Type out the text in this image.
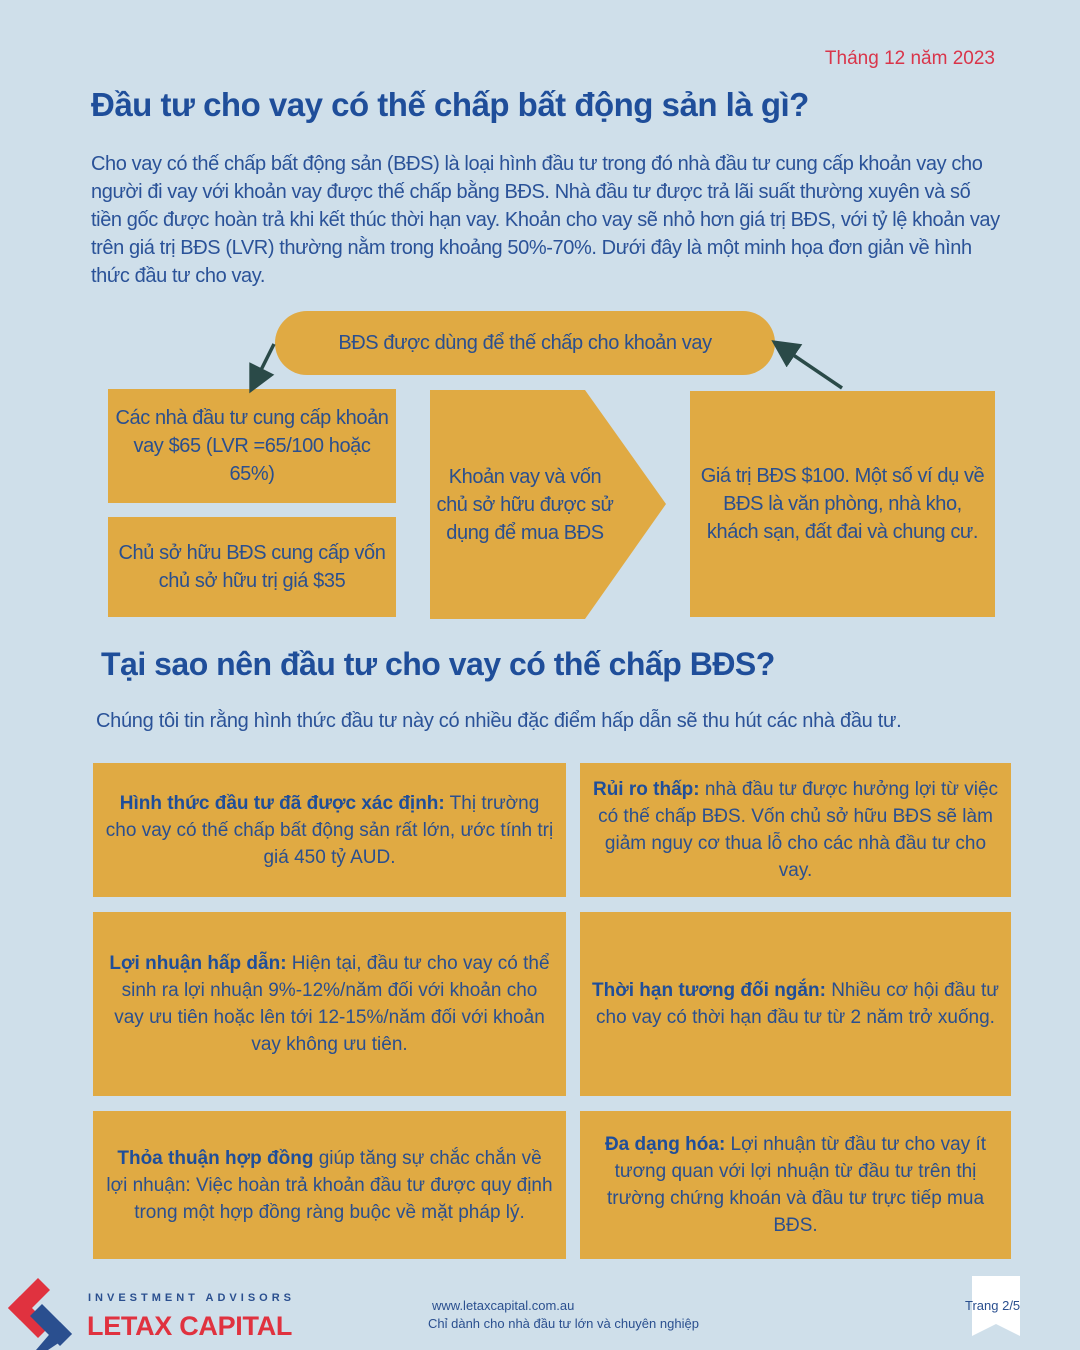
Tháng 12 năm 2023
Đầu tư cho vay có thế chấp bất động sản là gì?

Cho vay có thế chấp bất động sản (BĐS) là loại hình đầu tư trong đó nhà đầu tư cung cấp khoản vay cho người đi vay với khoản vay được thế chấp bằng BĐS. Nhà đầu tư được trả lãi suất thường xuyên và số tiền gốc được hoàn trả khi kết thúc thời hạn vay. Khoản cho vay sẽ nhỏ hơn giá trị BĐS, với tỷ lệ khoản vay trên giá trị BĐS (LVR) thường nằm trong khoảng 50%-70%. Dưới đây là một minh họa đơn giản về hình thức đầu tư cho vay.

BĐS được dùng để thế chấp cho khoản vay
Các nhà đầu tư cung cấp khoản vay $65 (LVR =65/100 hoặc 65%)
Chủ sở hữu BĐS cung cấp vốn chủ sở hữu trị giá $35
Khoản vay và vốn chủ sở hữu được sử dụng để mua BĐS
Giá trị BĐS $100. Một số ví dụ về BĐS là văn phòng, nhà kho, khách sạn, đất đai và chung cư.
Tại sao nên đầu tư cho vay có thế chấp BĐS?

Chúng tôi tin rằng hình thức đầu tư này có nhiều đặc điểm hấp dẫn sẽ thu hút các nhà đầu tư.

Hình thức đầu tư đã được xác định: Thị trường cho vay có thế chấp bất động sản rất lớn, ước tính trị giá 450 tỷ AUD.

Rủi ro thấp: nhà đầu tư được hưởng lợi từ việc có thế chấp BĐS. Vốn chủ sở hữu BĐS sẽ làm giảm nguy cơ thua lỗ cho các nhà đầu tư cho vay.

Lợi nhuận hấp dẫn: Hiện tại, đầu tư cho vay có thể sinh ra lợi nhuận 9%-12%/năm đối với khoản cho vay ưu tiên hoặc lên tới 12-15%/năm đối với khoản vay không ưu tiên.

Thời hạn tương đối ngắn: Nhiều cơ hội đầu tư cho vay có thời hạn đầu tư từ 2 năm trở xuống.

Thỏa thuận hợp đồng giúp tăng sự chắc chắn về lợi nhuận: Việc hoàn trả khoản đầu tư được quy định trong một hợp đồng ràng buộc về mặt pháp lý.

Đa dạng hóa: Lợi nhuận từ đầu tư cho vay ít tương quan với lợi nhuận từ đầu tư trên thị trường chứng khoán và đầu tư trực tiếp mua BĐS.

INVESTMENT ADVISORS
LETAX CAPITAL
www.letaxcapital.com.au
Chỉ dành cho nhà đầu tư lớn và chuyên nghiệp
Trang 2/5
